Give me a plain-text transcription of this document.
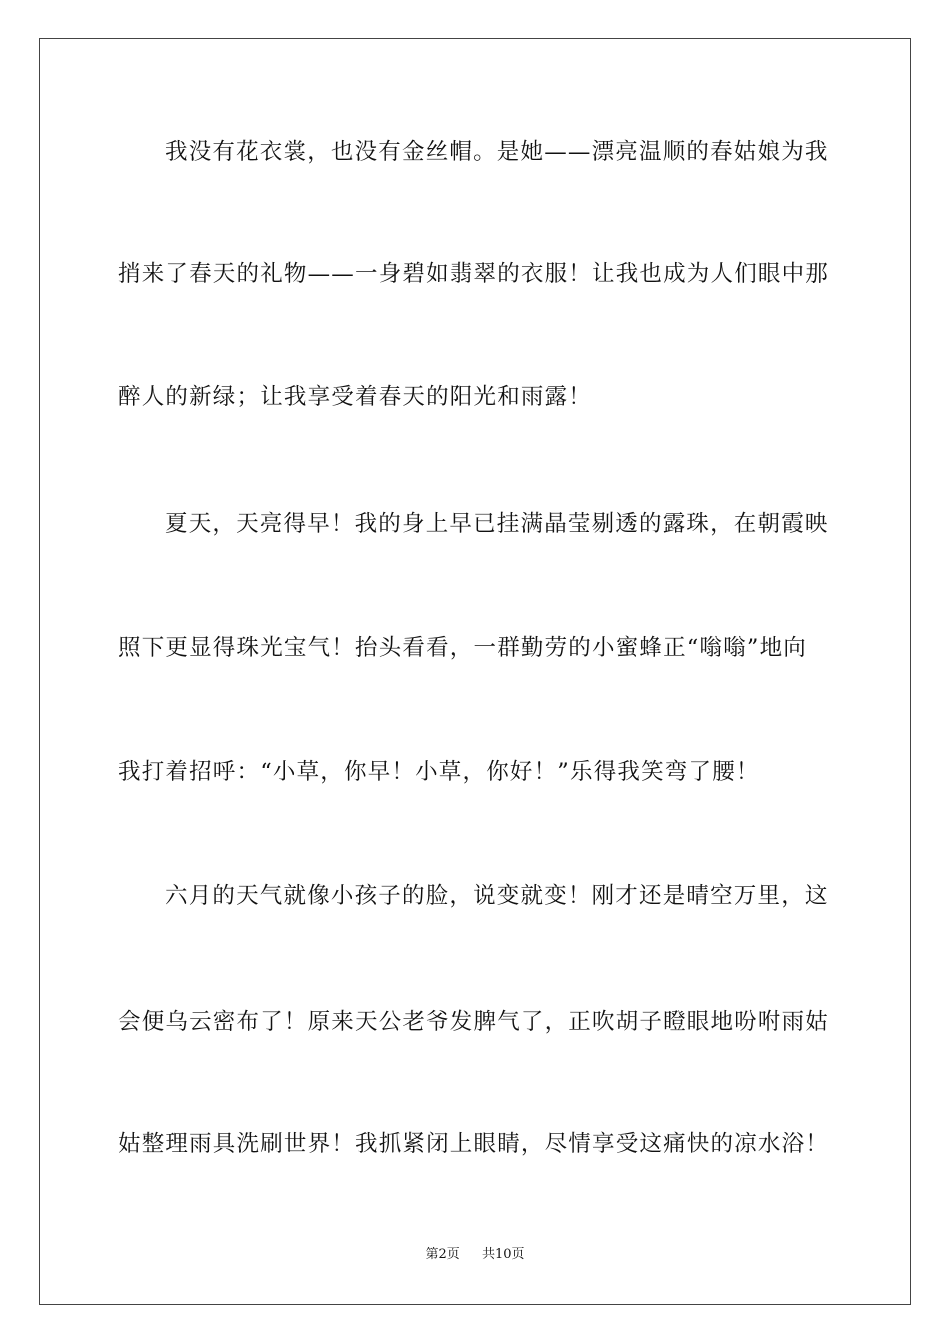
我没有花衣裳，也没有金丝帽。是她——漂亮温顺的春姑娘为我
捎来了春天的礼物——一身碧如翡翠的衣服！让我也成为人们眼中那
醉人的新绿；让我享受着春天的阳光和雨露！
夏天，天亮得早！我的身上早已挂满晶莹剔透的露珠，在朝霞映
照下更显得珠光宝气！抬头看看，一群勤劳的小蜜蜂正“嗡嗡”地向
我打着招呼：“小草，你早！小草，你好！”乐得我笑弯了腰！
六月的天气就像小孩子的脸，说变就变！刚才还是晴空万里，这
会便乌云密布了！原来天公老爷发脾气了，正吹胡子瞪眼地吩咐雨姑
姑整理雨具洗刷世界！我抓紧闭上眼睛，尽情享受这痛快的凉水浴！
第2页 共10页
